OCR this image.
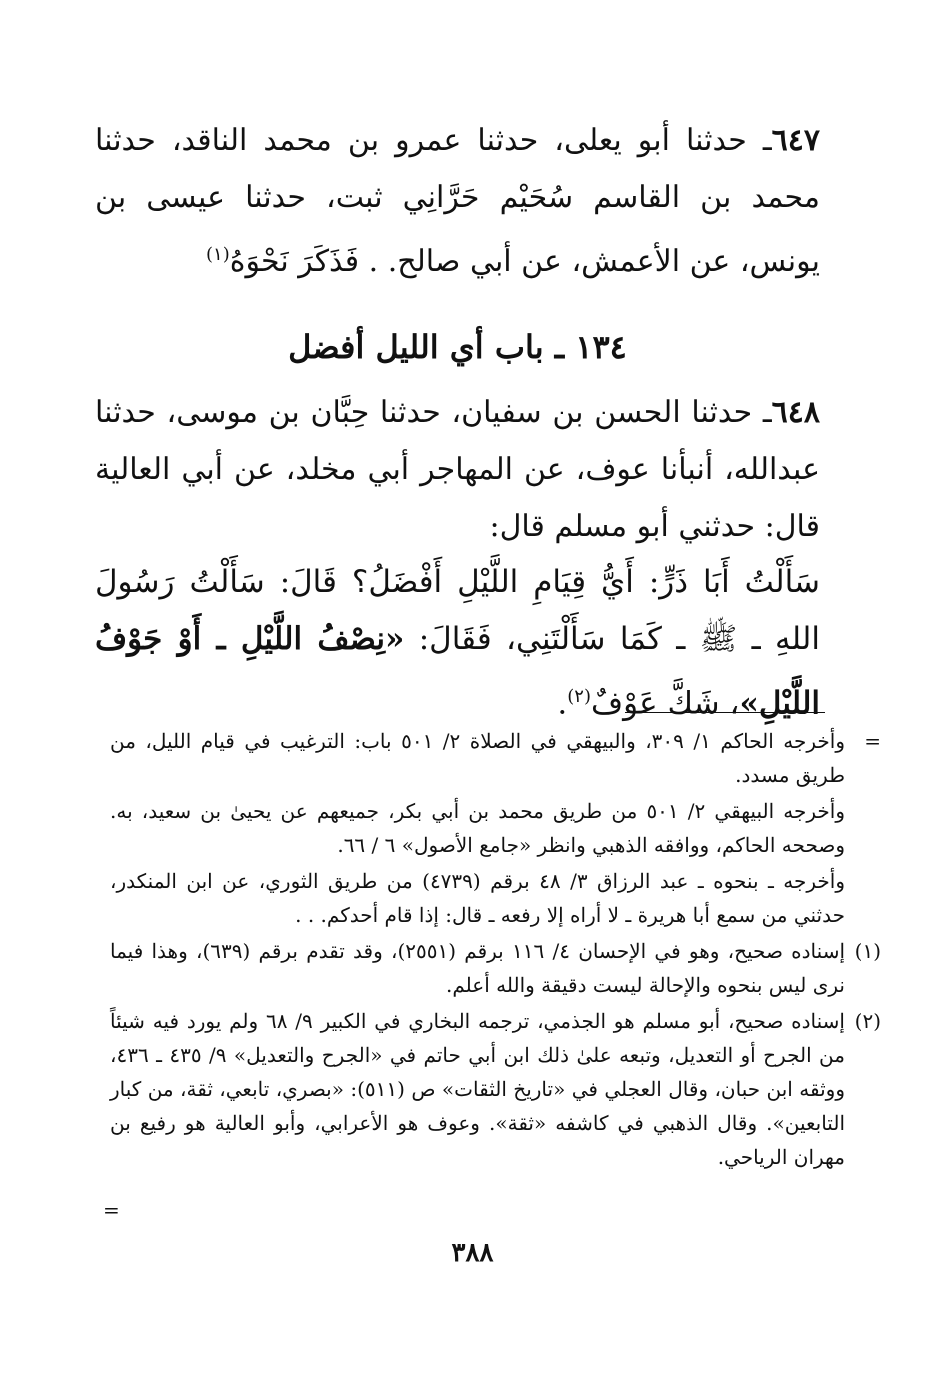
٦٤٧ـ حدثنا أبو يعلى، حدثنا عمرو بن محمد الناقد، حدثنا محمد بن القاسم سُحَيْم حَرَّانِي ثبت، حدثنا عيسى بن يونس، عن الأعمش، عن أبي صالح. . فَذَكَرَ نَحْوَهُ$^{(١)}$
١٣٤ ـ باب أي الليل أفضل
٦٤٨ـ حدثنا الحسن بن سفيان، حدثنا حِبَّان بن موسى، حدثنا عبدالله، أنبأنا عوف، عن المهاجر أبي مخلد، عن أبي العالية قال: حدثني أبو مسلم قال:
سَأَلْتُ أَبَا ذَرٍّ: أَيُّ قِيَامِ اللَّيْلِ أَفْضَلُ؟ قَالَ: سَأَلْتُ رَسُولَ اللهِ ـ ﷺ ـ كَمَا سَأَلْتَنِي، فَقَالَ: «نِصْفُ اللَّيْلِ ـ أَوْ جَوْفُ اللَّيْلِ»، شَكَّ عَوْفٌ$^{(٢)}$.

=
وأخرجه الحاكم ١/ ٣٠٩، والبيهقي في الصلاة ٢/ ٥٠١ باب: الترغيب في قيام الليل، من طريق مسدد.

وأخرجه البيهقي ٢/ ٥٠١ من طريق محمد بن أبي بكر، جميعهم عن يحيىٰ بن سعيد، به. وصححه الحاكم، ووافقه الذهبي وانظر «جامع الأصول» ٦ / ٦٦.

وأخرجه ـ بنحوه ـ عبد الرزاق ٣/ ٤٨ برقم (٤٧٣٩) من طريق الثوري، عن ابن المنكدر، حدثني من سمع أبا هريرة ـ لا أراه إلا رفعه ـ قال: إذا قام أحدكم. . .

(١)
إسناده صحيح، وهو في الإحسان ٤/ ١١٦ برقم (٢٥٥١)، وقد تقدم برقم (٦٣٩)، وهذا فيما نرى ليس بنحوه والإحالة ليست دقيقة والله أعلم.

(٢)
إسناده صحيح، أبو مسلم هو الجذمي، ترجمه البخاري في الكبير ٩/ ٦٨ ولم يورد فيه شيئاً من الجرح أو التعديل، وتبعه علىٰ ذلك ابن أبي حاتم في «الجرح والتعديل» ٩/ ٤٣٥ ـ ٤٣٦، ووثقه ابن حبان، وقال العجلي في «تاريخ الثقات» ص (٥١١): «بصري، تابعي، ثقة، من كبار التابعين». وقال الذهبي في كاشفه «ثقة». وعوف هو الأعرابي، وأبو العالية هو رفيع بن مهران الرياحي.

=
٣٨٨
